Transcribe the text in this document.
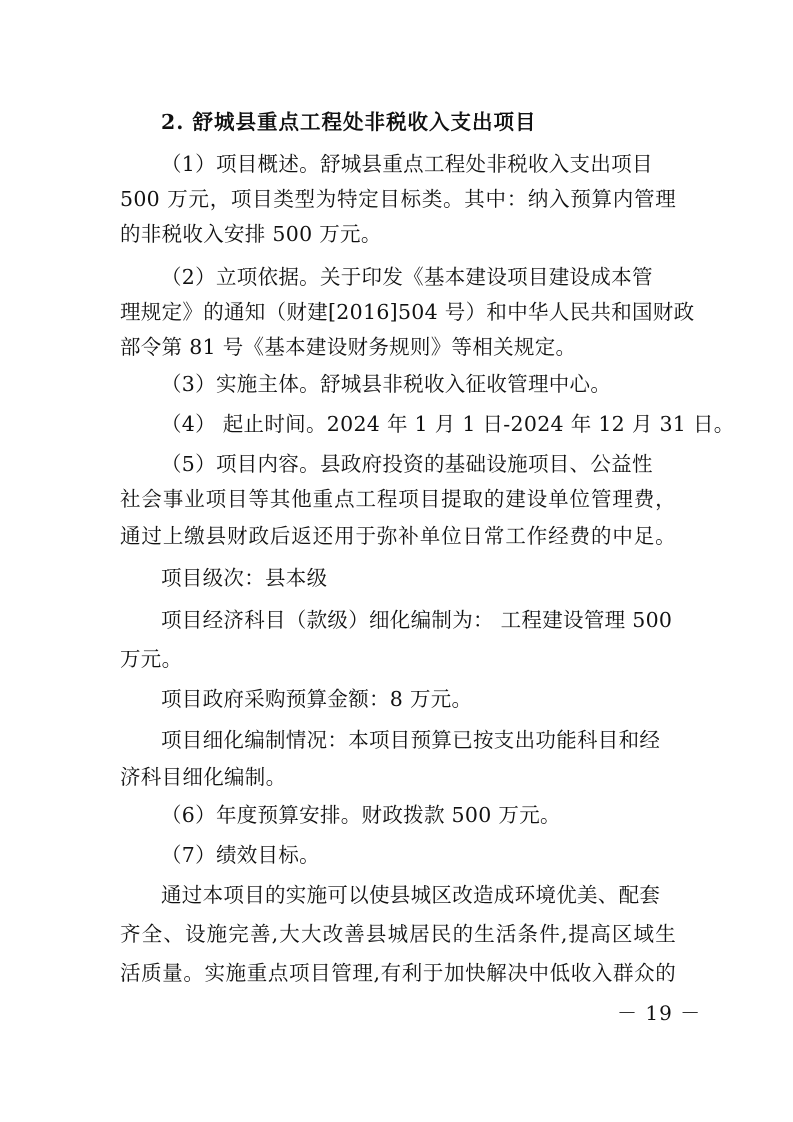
2. 舒城县重点工程处非税收入支出项目
（1）项目概述。舒城县重点工程处非税收入支出项目
500 万元，项目类型为特定目标类。其中：纳入预算内管理
的非税收入安排 500 万元。
（2）立项依据。关于印发《基本建设项目建设成本管
理规定》的通知（财建[2016]504 号）和中华人民共和国财政
部令第 81 号《基本建设财务规则》等相关规定。
（3）实施主体。舒城县非税收入征收管理中心。
（4） 起止时间。2024 年 1 月 1 日-2024 年 12 月 31 日。
（5）项目内容。县政府投资的基础设施项目、公益性
社会事业项目等其他重点工程项目提取的建设单位管理费，
通过上缴县财政后返还用于弥补单位日常工作经费的中足。
项目级次：县本级
项目经济科目（款级）细化编制为： 工程建设管理 500
万元。
项目政府采购预算金额：8 万元。
项目细化编制情况：本项目预算已按支出功能科目和经
济科目细化编制。
（6）年度预算安排。财政拨款 500 万元。
（7）绩效目标。
通过本项目的实施可以使县城区改造成环境优美、配套
齐全、设施完善,大大改善县城居民的生活条件,提高区域生
活质量。实施重点项目管理,有利于加快解决中低收入群众的
－ 19 －
